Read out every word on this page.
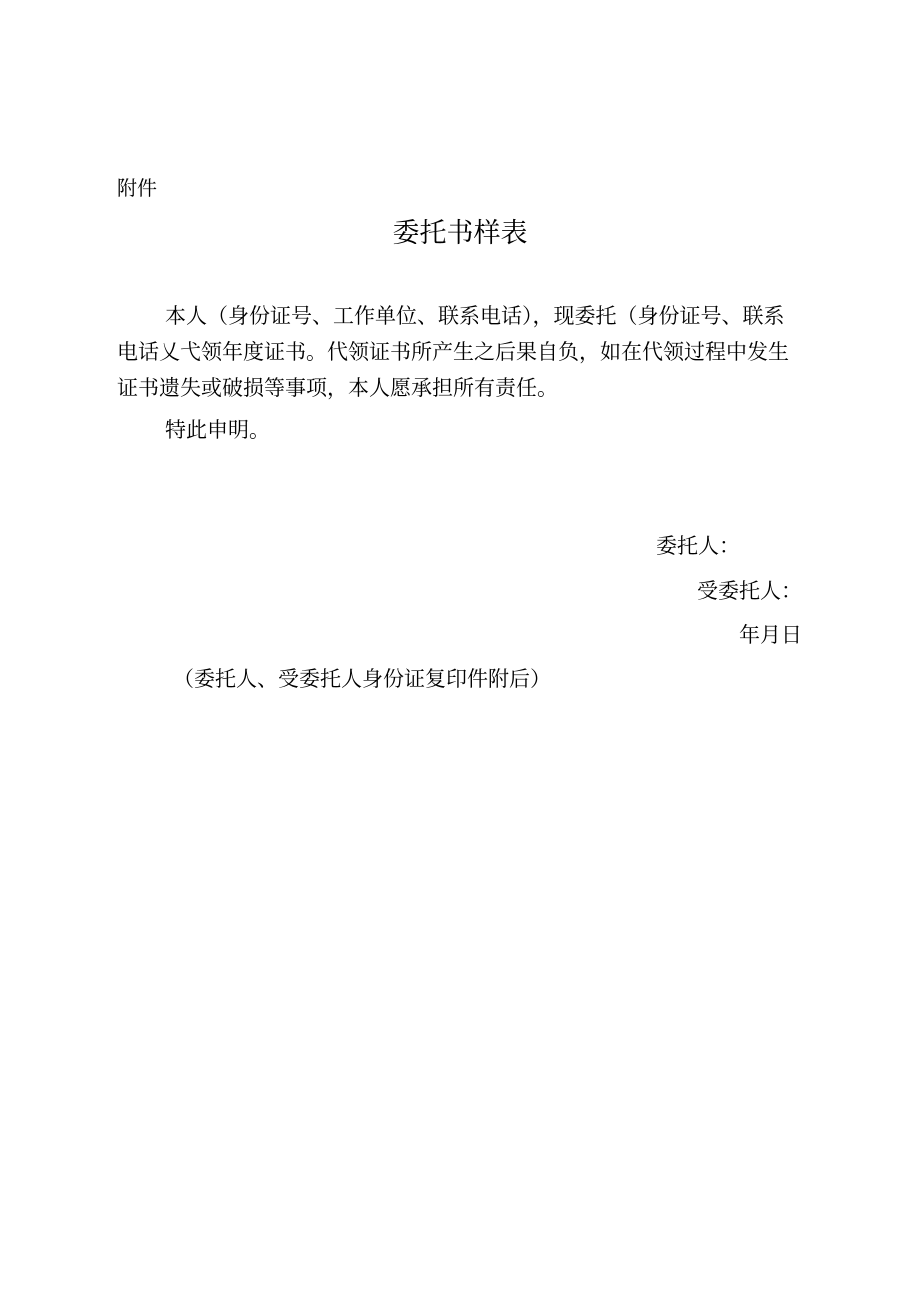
附件
委托书样表

本人（身份证号、工作单位、联系电话），现委托（身份证号、联系电话乂弋领年度证书。代领证书所产生之后果自负，如在代领过程中发生证书遗失或破损等事项，本人愿承担所有责任。

特此申明。

委托人：
受委托人：
年月日
（委托人、受委托人身份证复印件附后）
